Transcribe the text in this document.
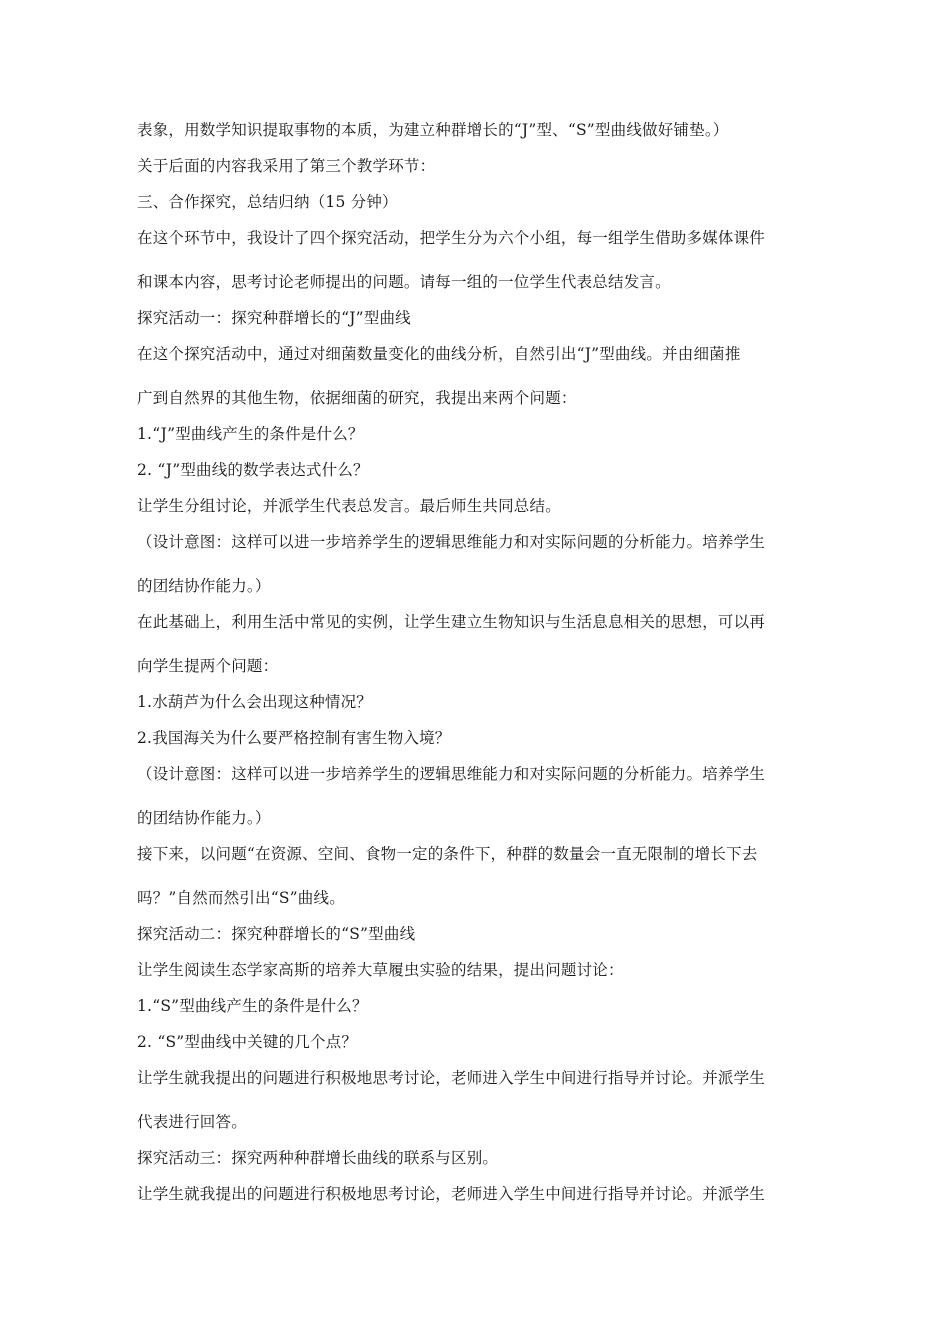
表象，用数学知识提取事物的本质，为建立种群增长的“J”型、“S”型曲线做好铺垫。）
关于后面的内容我采用了第三个教学环节：
三、合作探究，总结归纳（15 分钟）
在这个环节中，我设计了四个探究活动，把学生分为六个小组，每一组学生借助多媒体课件
和课本内容，思考讨论老师提出的问题。请每一组的一位学生代表总结发言。
探究活动一：探究种群增长的“J”型曲线
在这个探究活动中，通过对细菌数量变化的曲线分析，自然引出“J”型曲线。并由细菌推
广到自然界的其他生物，依据细菌的研究，我提出来两个问题：
1.“J”型曲线产生的条件是什么？
2. “J”型曲线的数学表达式什么？
让学生分组讨论，并派学生代表总发言。最后师生共同总结。
（设计意图：这样可以进一步培养学生的逻辑思维能力和对实际问题的分析能力。培养学生
的团结协作能力。）
在此基础上，利用生活中常见的实例，让学生建立生物知识与生活息息相关的思想，可以再
向学生提两个问题：
1.水葫芦为什么会出现这种情况？
2.我国海关为什么要严格控制有害生物入境？
（设计意图：这样可以进一步培养学生的逻辑思维能力和对实际问题的分析能力。培养学生
的团结协作能力。）
接下来，以问题“在资源、空间、食物一定的条件下，种群的数量会一直无限制的增长下去
吗？”自然而然引出“S”曲线。
探究活动二：探究种群增长的“S”型曲线
让学生阅读生态学家高斯的培养大草履虫实验的结果，提出问题讨论：
1.“S”型曲线产生的条件是什么？
2. “S”型曲线中关键的几个点？
让学生就我提出的问题进行积极地思考讨论，老师进入学生中间进行指导并讨论。并派学生
代表进行回答。
探究活动三：探究两种种群增长曲线的联系与区别。
让学生就我提出的问题进行积极地思考讨论，老师进入学生中间进行指导并讨论。并派学生
